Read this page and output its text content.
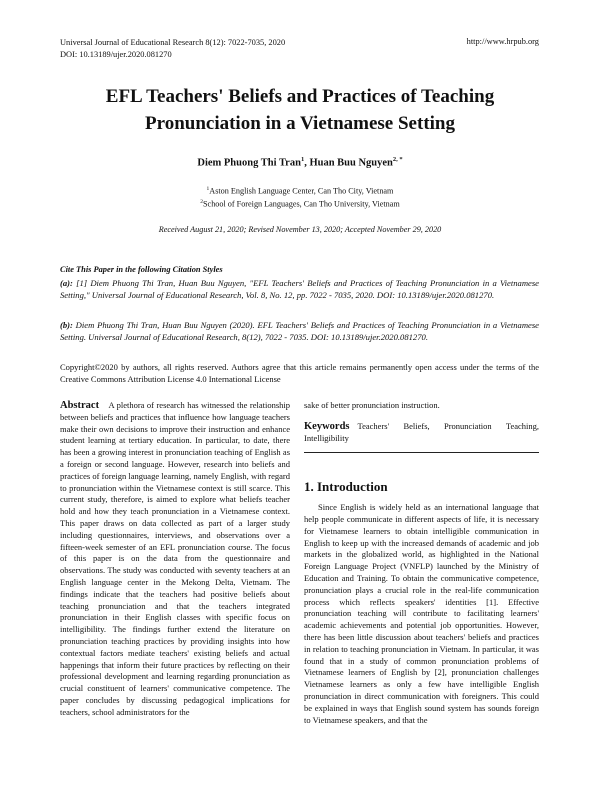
Universal Journal of Educational Research 8(12): 7022-7035, 2020
DOI: 10.13189/ujer.2020.081270
http://www.hrpub.org
EFL Teachers' Beliefs and Practices of Teaching
Pronunciation in a Vietnamese Setting
Diem Phuong Thi Tran$^1$, Huan Buu Nguyen$^{2, *}$
$^1$Aston English Language Center, Can Tho City, Vietnam
$^2$School of Foreign Languages, Can Tho University, Vietnam
Received August 21, 2020; Revised November 13, 2020; Accepted November 29, 2020
Cite This Paper in the following Citation Styles

(a): [1] Diem Phuong Thi Tran, Huan Buu Nguyen, "EFL Teachers' Beliefs and Practices of Teaching Pronunciation in a Vietnamese Setting," Universal Journal of Educational Research, Vol. 8, No. 12, pp. 7022 - 7035, 2020. DOI: 10.13189/ujer.2020.081270.

(b): Diem Phuong Thi Tran, Huan Buu Nguyen (2020). EFL Teachers' Beliefs and Practices of Teaching Pronunciation in a Vietnamese Setting. Universal Journal of Educational Research, 8(12), 7022 - 7035. DOI: 10.13189/ujer.2020.081270.

Copyright©2020 by authors, all rights reserved. Authors agree that this article remains permanently open access under the terms of the Creative Commons Attribution License 4.0 International License

Abstract A plethora of research has witnessed the relationship between beliefs and practices that influence how language teachers make their own decisions to improve their instruction and enhance student learning at tertiary education. In particular, to date, there has been a growing interest in pronunciation teaching of English as a foreign or second language. However, research into beliefs and practices of foreign language learning, namely English, with regard to pronunciation within the Vietnamese context is still scarce. This current study, therefore, is aimed to explore what beliefs teacher hold and how they teach pronunciation in a Vietnamese context. This paper draws on data collected as part of a larger study including questionnaires, interviews, and observations over a fifteen-week semester of an EFL pronunciation course. The focus of this paper is on the data from the questionnaire and observations. The study was conducted with seventy teachers at an English language center in the Mekong Delta, Vietnam. The findings indicate that the teachers had positive beliefs about teaching pronunciation and that the teachers integrated pronunciation in their English classes with specific focus on intelligibility. The findings further extend the literature on pronunciation teaching practices by providing insights into how contextual factors mediate teachers' existing beliefs and actual happenings that inform their future practices by reflecting on their professional development and learning regarding pronunciation as crucial constituent of learners' communicative competence. The paper concludes by discussing pedagogical implications for teachers, school administrators for the

sake of better pronunciation instruction.

Keywords Teachers' Beliefs, Pronunciation Teaching, Intelligibility

1. Introduction

Since English is widely held as an international language that help people communicate in different aspects of life, it is necessary for Vietnamese learners to obtain intelligible communication in English to keep up with the increased demands of academic and job markets in the globalized world, as highlighted in the National Foreign Language Project (VNFLP) launched by the Ministry of Education and Training. To obtain the communicative competence, pronunciation plays a crucial role in the real-life communication process which reflects speakers' identities [1]. Effective pronunciation teaching will contribute to facilitating learners' academic achievements and potential job opportunities. However, there has been little discussion about teachers' beliefs and practices in relation to teaching pronunciation in Vietnam. In particular, it was found that in a study of common pronunciation problems of Vietnamese learners of English by [2], pronunciation challenges Vietnamese learners as only a few have intelligible English pronunciation in direct communication with foreigners. This could be explained in ways that English sound system has sounds foreign to Vietnamese speakers, and that the
